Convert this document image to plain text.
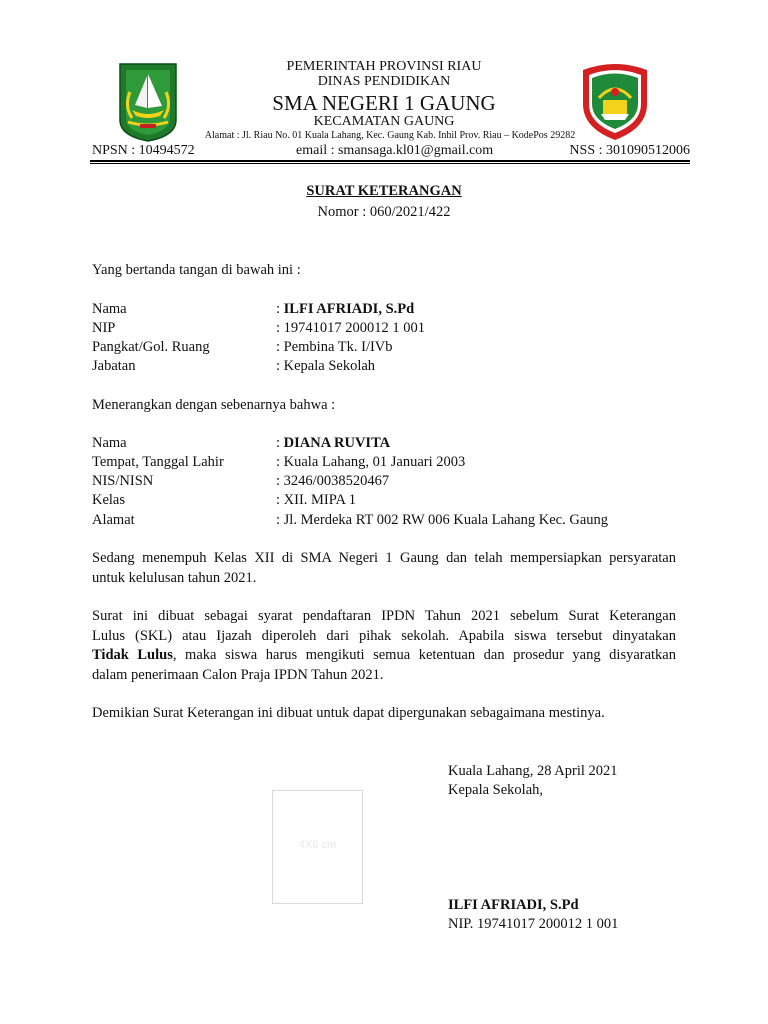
PEMERINTAH PROVINSI RIAU
DINAS PENDIDIKAN
SMA NEGERI 1 GAUNG
KECAMATAN GAUNG
Alamat : Jl. Riau No. 01 Kuala Lahang, Kec. Gaung Kab. Inhil Prov. Riau – KodePos 29282
NPSN : 10494572	email : smansaga.kl01@gmail.com	NSS : 301090512006
SURAT KETERANGAN
Nomor : 060/2021/422
Yang bertanda tangan di bawah ini :
Nama	: ILFI AFRIADI, S.Pd
NIP	: 19741017 200012 1 001
Pangkat/Gol. Ruang	: Pembina Tk. I/IVb
Jabatan	: Kepala Sekolah
Menerangkan dengan sebenarnya bahwa :
Nama	: DIANA RUVITA
Tempat, Tanggal Lahir	: Kuala Lahang, 01 Januari 2003
NIS/NISN	: 3246/0038520467
Kelas	: XII. MIPA 1
Alamat	: Jl. Merdeka RT 002 RW 006 Kuala Lahang Kec. Gaung
Sedang menempuh Kelas XII di SMA Negeri 1 Gaung dan telah mempersiapkan persyaratan
untuk kelulusan tahun 2021.
Surat ini dibuat sebagai syarat pendaftaran IPDN Tahun 2021 sebelum Surat Keterangan
Lulus (SKL) atau Ijazah diperoleh dari pihak sekolah. Apabila siswa tersebut dinyatakan
Tidak Lulus, maka siswa harus mengikuti semua ketentuan dan prosedur yang disyaratkan
dalam penerimaan Calon Praja IPDN Tahun 2021.
Demikian Surat Keterangan ini dibuat untuk dapat dipergunakan sebagaimana mestinya.
Kuala Lahang, 28 April 2021
Kepala Sekolah,
4X6 cm
ILFI AFRIADI, S.Pd
NIP. 19741017 200012 1 001
